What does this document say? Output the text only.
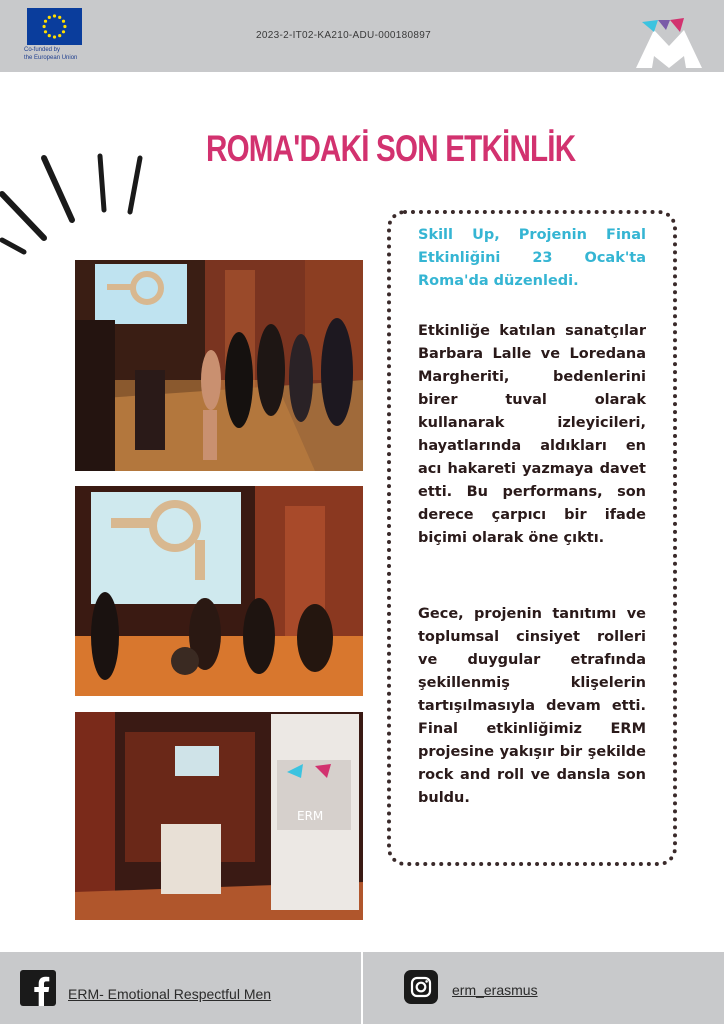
Co-funded by
the European Union
2023-2-IT02-KA210-ADU-000180897
ROMA'DAKİ SON ETKİNLİK
ERM
Skill Up, Projenin Final Etkinliğini 23 Ocak'ta Roma'da düzenledi.
Etkinliğe katılan sanatçılar Barbara Lalle ve Loredana Margheriti, bedenlerini birer tuval olarak kullanarak izleyicileri, hayatlarında aldıkları en acı hakareti yazmaya davet etti. Bu performans, son derece çarpıcı bir ifade biçimi olarak öne çıktı.
Gece, projenin tanıtımı ve toplumsal cinsiyet rolleri ve duygular etrafında şekillenmiş klişelerin tartışılmasıyla devam etti. Final etkinliğimiz ERM projesine yakışır bir şekilde rock and roll ve dansla son buldu.
ERM- Emotional Respectful Men	erm_erasmus
